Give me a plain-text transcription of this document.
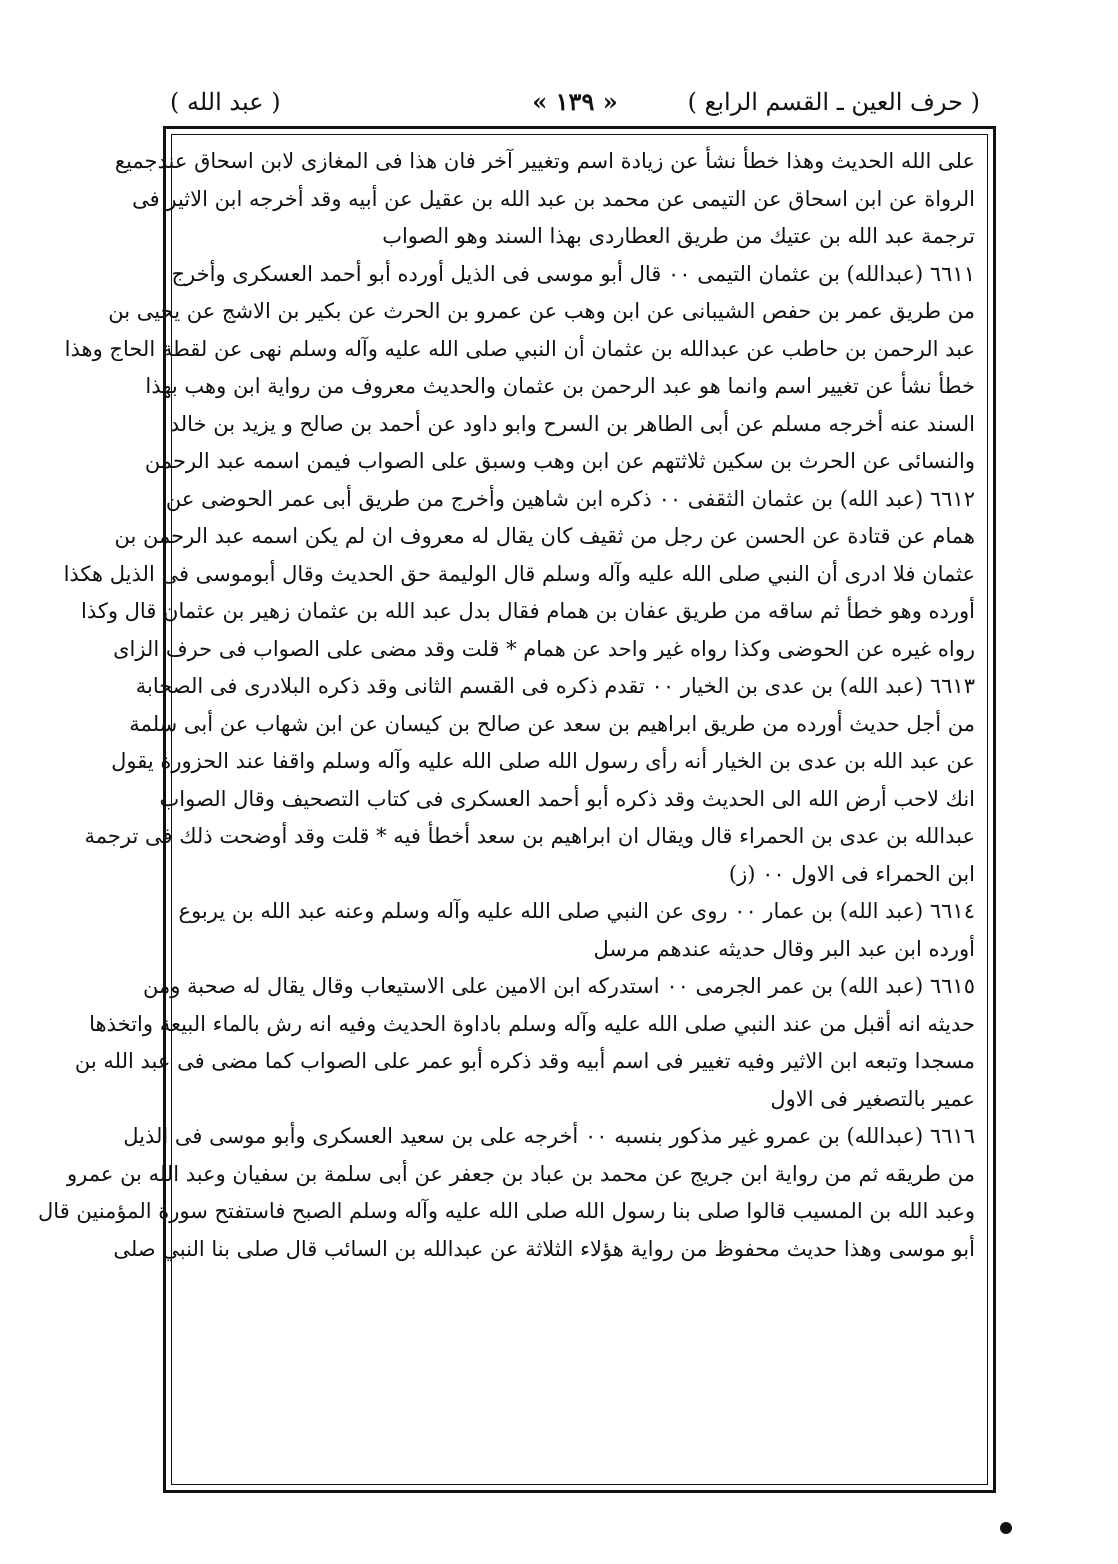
( حرف العين ـ القسم الرابع )
« ١٣٩ »
( عبد الله )
على الله الحديث وهذا خطأ نشأ عن زيادة اسم وتغيير آخر فان هذا فى المغازى لابن اسحاق عندجميع
الرواة عن ابن اسحاق عن التيمى عن محمد بن عبد الله بن عقيل عن أبيه وقد أخرجه ابن الاثير فى
ترجمة عبد الله بن عتيك من طريق العطاردى بهذا السند وهو الصواب
٦٦١١ (عبدالله) بن عثمان التيمى ٠٠ قال أبو موسى فى الذيل أورده أبو أحمد العسكرى وأخرج
من طريق عمر بن حفص الشيبانى عن ابن وهب عن عمرو بن الحرث عن بكير بن الاشج عن يحيى بن
عبد الرحمن بن حاطب عن عبدالله بن عثمان أن النبي صلى الله عليه وآله وسلم نهى عن لقطة الحاج وهذا
خطأ نشأ عن تغيير اسم وانما هو عبد الرحمن بن عثمان والحديث معروف من رواية ابن وهب بهذا
السند عنه أخرجه مسلم عن أبى الطاهر بن السرح وابو داود عن أحمد بن صالح و يزيد بن خالد
والنسائى عن الحرث بن سكين ثلاثتهم عن ابن وهب وسبق على الصواب فيمن اسمه عبد الرحمن
٦٦١٢ (عبد الله) بن عثمان الثقفى ٠٠ ذكره ابن شاهين وأخرج من طريق أبى عمر الحوضى عن
همام عن قتادة عن الحسن عن رجل من ثقيف كان يقال له معروف ان لم يكن اسمه عبد الرحمن بن
عثمان فلا ادرى أن النبي صلى الله عليه وآله وسلم قال الوليمة حق الحديث وقال أبوموسى فى الذيل هكذا
أورده وهو خطأ ثم ساقه من طريق عفان بن همام فقال بدل عبد الله بن عثمان زهير بن عثمان قال وكذا
رواه غيره عن الحوضى وكذا رواه غير واحد عن همام * قلت وقد مضى على الصواب فى حرف الزاى
٦٦١٣ (عبد الله) بن عدى بن الخيار ٠٠ تقدم ذكره فى القسم الثانى وقد ذكره البلادرى فى الصحابة
من أجل حديث أورده من طريق ابراهيم بن سعد عن صالح بن كيسان عن ابن شهاب عن أبى سلمة
عن عبد الله بن عدى بن الخيار أنه رأى رسول الله صلى الله عليه وآله وسلم واقفا عند الحزورة يقول
انك لاحب أرض الله الى الحديث وقد ذكره أبو أحمد العسكرى فى كتاب التصحيف وقال الصواب
عبدالله بن عدى بن الحمراء قال ويقال ان ابراهيم بن سعد أخطأ فيه * قلت وقد أوضحت ذلك فى ترجمة
ابن الحمراء فى الاول ٠٠ (ز)
٦٦١٤ (عبد الله) بن عمار ٠٠ روى عن النبي صلى الله عليه وآله وسلم وعنه عبد الله بن يربوع
أورده ابن عبد البر وقال حديثه عندهم مرسل
٦٦١٥ (عبد الله) بن عمر الجرمى ٠٠ استدركه ابن الامين على الاستيعاب وقال يقال له صحبة ومن
حديثه انه أقبل من عند النبي صلى الله عليه وآله وسلم باداوة الحديث وفيه انه رش بالماء البيعة واتخذها
مسجدا وتبعه ابن الاثير وفيه تغيير فى اسم أبيه وقد ذكره أبو عمر على الصواب كما مضى فى عبد الله بن
عمير بالتصغير فى الاول
٦٦١٦ (عبدالله) بن عمرو غير مذكور بنسبه ٠٠ أخرجه على بن سعيد العسكرى وأبو موسى فى الذيل
من طريقه ثم من رواية ابن جريج عن محمد بن عباد بن جعفر عن أبى سلمة بن سفيان وعبد الله بن عمرو
وعبد الله بن المسيب قالوا صلى بنا رسول الله صلى الله عليه وآله وسلم الصبح فاستفتح سورة المؤمنين قال
أبو موسى وهذا حديث محفوظ من رواية هؤلاء الثلاثة عن عبدالله بن السائب قال صلى بنا النبي صلى
